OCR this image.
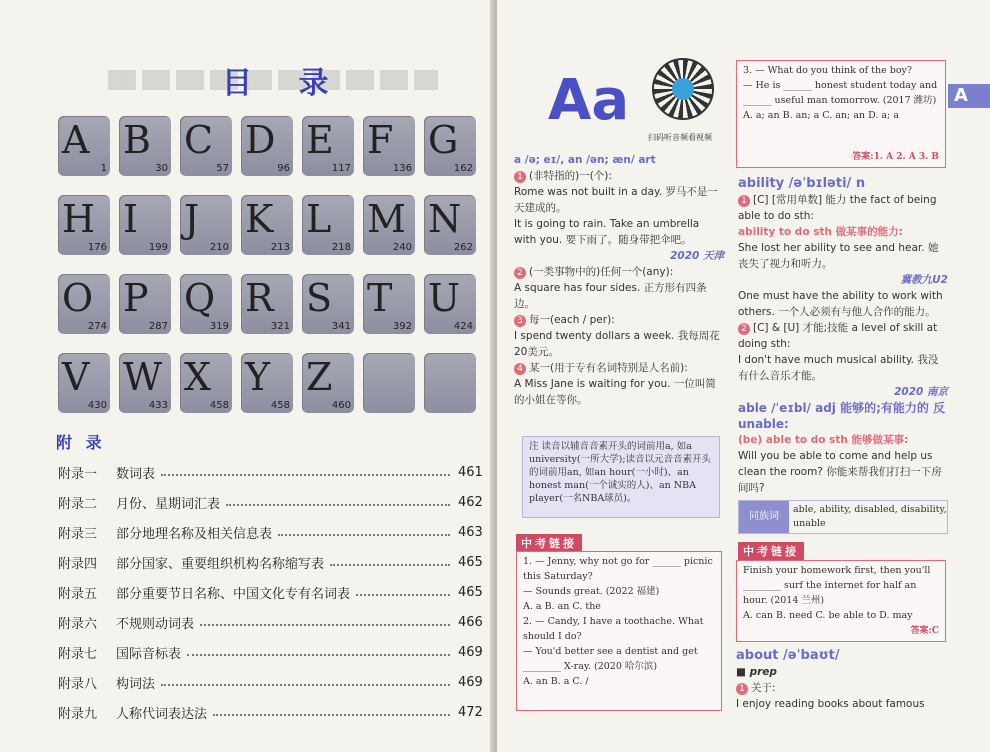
目 录
A
1
B
30
C
57
D
96
E
117
F
136
G
162
H
176
I
199
J
210
K
213
L
218
M
240
N
262
O
274
P
287
Q
319
R
321
S
341
T
392
U
424
V
430
W
433
X
458
Y
458
Z
460
附 录
附录一	数词表	461
附录二	月份、星期词汇表	462
附录三	部分地理名称及相关信息表	463
附录四	部分国家、重要组织机构名称缩写表	465
附录五	部分重要节日名称、中国文化专有名词表	465
附录六	不规则动词表	466
附录七	国际音标表	469
附录八	构词法	469
附录九	人称代词表达法	472
Aa
扫码听音频看视频
A
a /ə; eɪ/, an /ən; æn/ art
1 (非特指的)一(个):
Rome was not built in a day. 罗马不是一天建成的。
It is going to rain. Take an umbrella with you. 要下雨了。随身带把伞吧。
2020 天津
2 (一类事物中的)任何一个(any):
A square has four sides. 正方形有四条边。
3 每一(each / per):
I spend twenty dollars a week. 我每周花20美元。
4 某一(用于专有名词特别是人名前):
A Miss Jane is waiting for you. 一位叫简的小姐在等你。
注 读音以辅音音素开头的词前用a, 如a university(一所大学);读音以元音音素开头的词前用an, 如an hour(一小时)、an honest man(一个诚实的人)、an NBA player(一名NBA球员)。
中考链接
1. — Jenny, why not go for ______ picnic this Saturday?
— Sounds great. (2022 福建)
A. a B. an C. the
2. — Candy, I have a toothache. What should I do?
— You'd better see a dentist and get ________ X-ray. (2020 哈尔滨)
A. an B. a C. /
3. — What do you think of the boy?
— He is ______ honest student today and ______ useful man tomorrow. (2017 潍坊)
A. a; an B. an; a C. an; an D. a; a
答案:1. A 2. A 3. B
ability /əˈbɪləti/ n
1 [C] [常用单数] 能力 the fact of being able to do sth:
ability to do sth 做某事的能力:
She lost her ability to see and hear. 她丧失了视力和听力。
冀教九U2
One must have the ability to work with others. 一个人必须有与他人合作的能力。
2 [C] & [U] 才能;技能 a level of skill at doing sth:
I don't have much musical ability. 我没有什么音乐才能。
2020 南京
able /ˈeɪbl/ adj 能够的;有能力的 反 unable:
(be) able to do sth 能够做某事:
Will you be able to come and help us clean the room? 你能来帮我们打扫一下房间吗?
同族词
able, ability, disabled, disability, unable
中考链接
Finish your homework first, then you'll ________ surf the internet for half an hour. (2014 兰州)
A. can B. need C. be able to D. may
答案:C
about /əˈbaʊt/
■ prep
1 关于:
I enjoy reading books about famous
